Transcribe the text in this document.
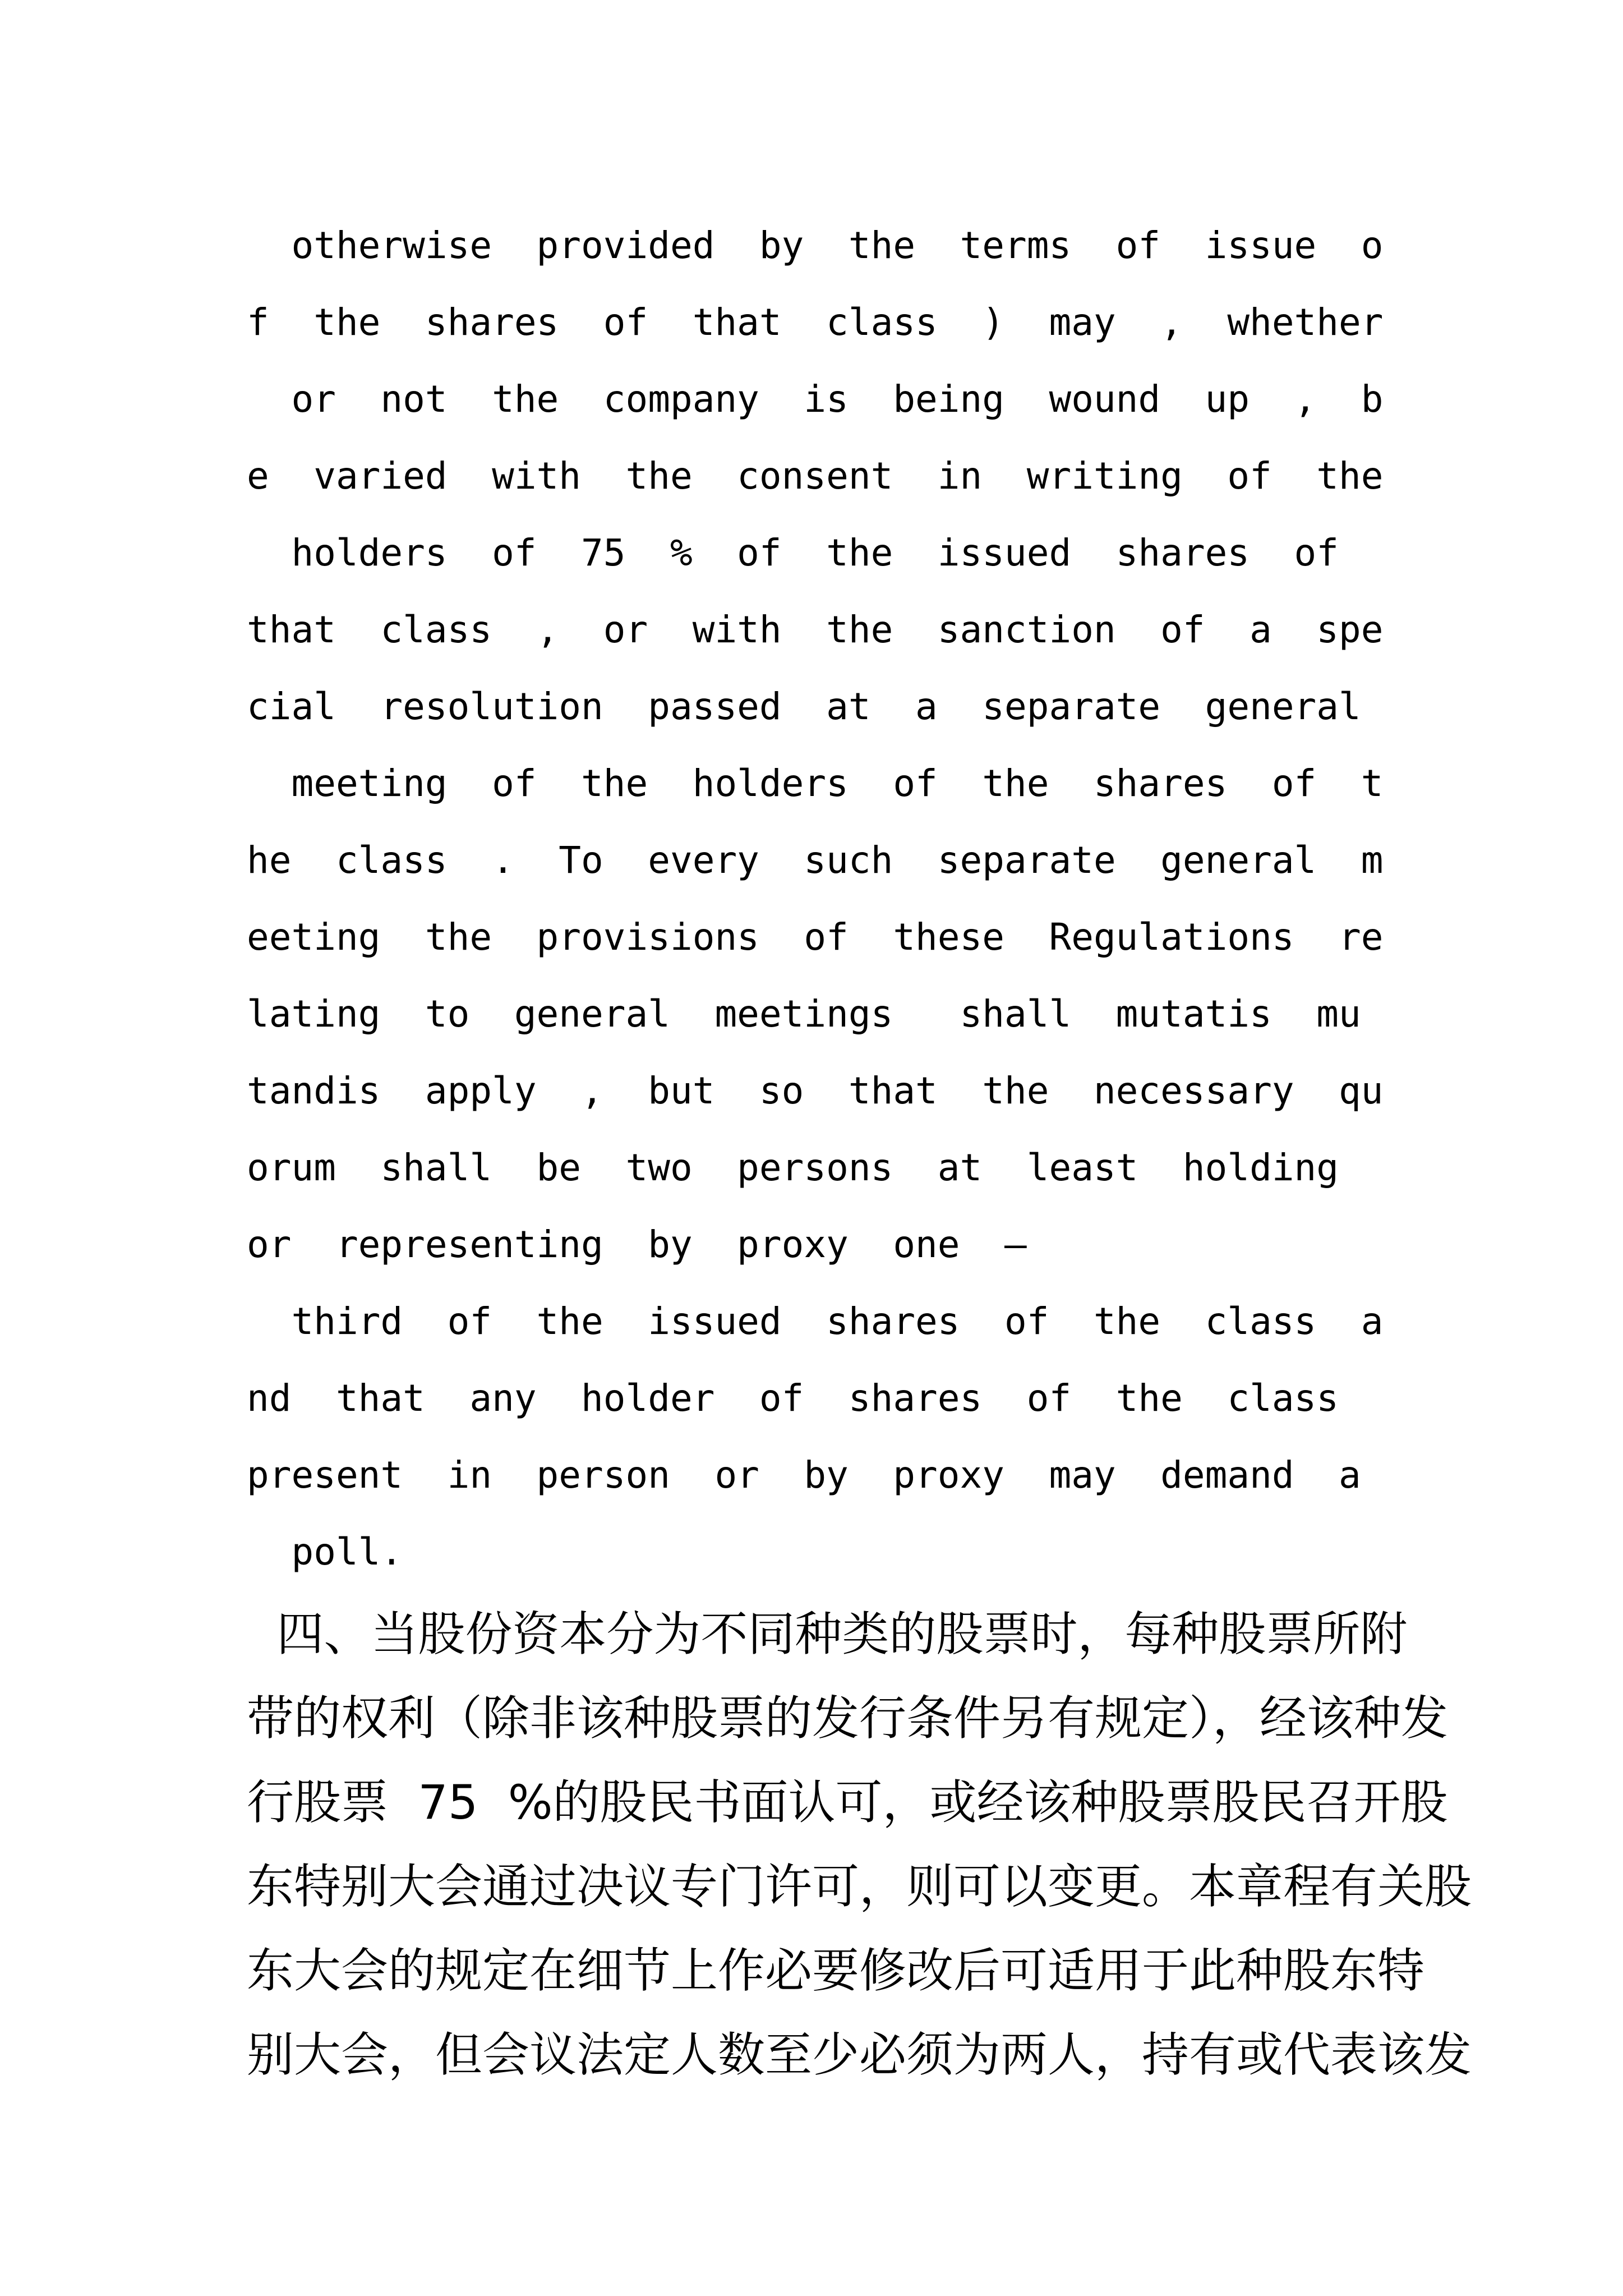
otherwise  provided  by  the  terms  of  issue  o
f  the  shares  of  that  class  )  may  ,  whether
or  not  the  company  is  being  wound  up  ,  b
e  varied  with  the  consent  in  writing  of  the
holders  of  75  %  of  the  issued  shares  of
that  class  ,  or  with  the  sanction  of  a  spe
cial  resolution  passed  at  a  separate  general
meeting  of  the  holders  of  the  shares  of  t
he  class  .  To  every  such  separate  general  m
eeting  the  provisions  of  these  Regulations  re
lating  to  general  meetings   shall  mutatis  mu
tandis  apply  ,  but  so  that  the  necessary  qu
orum  shall  be  two  persons  at  least  holding
or  representing  by  proxy  one  —
third  of  the  issued  shares  of  the  class  a
nd  that  any  holder  of  shares  of  the  class
present  in  person  or  by  proxy  may  demand  a
poll.
四、当股份资本分为不同种类的股票时，每种股票所附
带的权利（除非该种股票的发行条件另有规定），经该种发
行股票  75  %的股民书面认可，或经该种股票股民召开股
东特别大会通过决议专门许可，则可以变更。本章程有关股
东大会的规定在细节上作必要修改后可适用于此种股东特
别大会，但会议法定人数至少必须为两人，持有或代表该发
